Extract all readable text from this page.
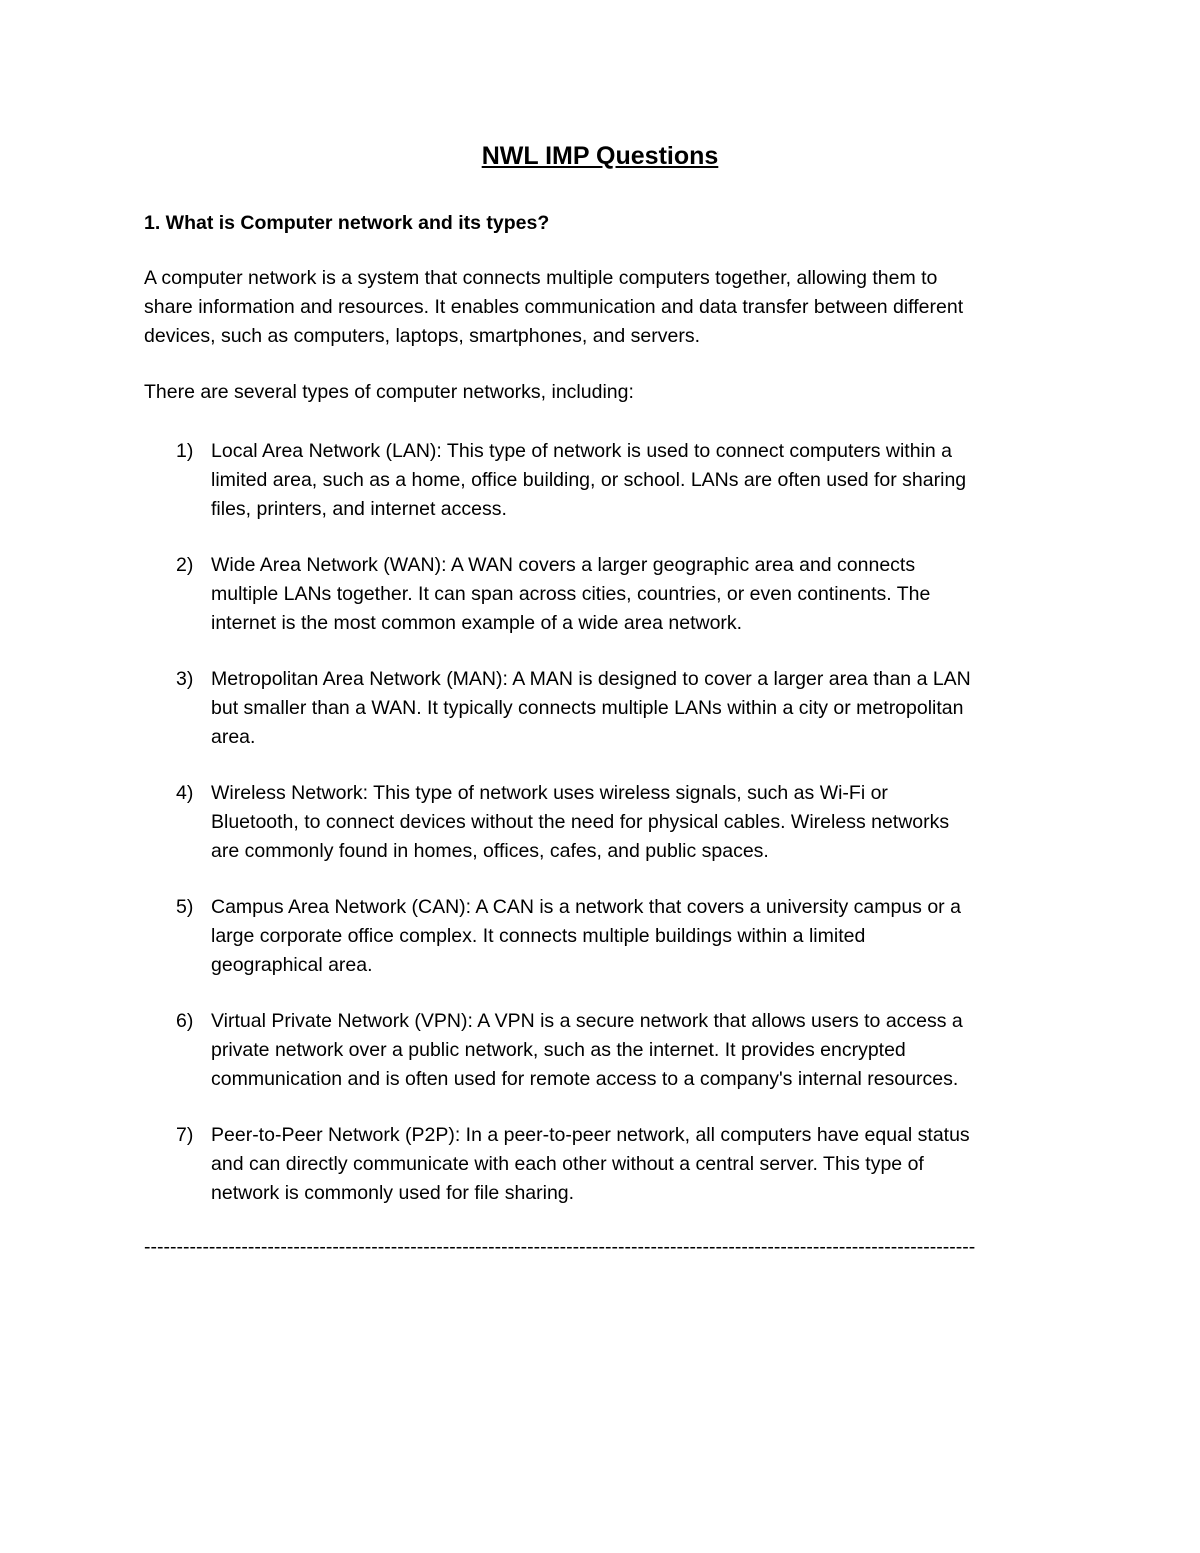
NWL IMP Questions
1. What is Computer network and its types?
A computer network is a system that connects multiple computers together, allowing them to
share information and resources. It enables communication and data transfer between different
devices, such as computers, laptops, smartphones, and servers.
There are several types of computer networks, including:
1) Local Area Network (LAN): This type of network is used to connect computers within a
limited area, such as a home, office building, or school. LANs are often used for sharing
files, printers, and internet access.
2) Wide Area Network (WAN): A WAN covers a larger geographic area and connects
multiple LANs together. It can span across cities, countries, or even continents. The
internet is the most common example of a wide area network.
3) Metropolitan Area Network (MAN): A MAN is designed to cover a larger area than a LAN
but smaller than a WAN. It typically connects multiple LANs within a city or metropolitan
area.
4) Wireless Network: This type of network uses wireless signals, such as Wi-Fi or
Bluetooth, to connect devices without the need for physical cables. Wireless networks
are commonly found in homes, offices, cafes, and public spaces.
5) Campus Area Network (CAN): A CAN is a network that covers a university campus or a
large corporate office complex. It connects multiple buildings within a limited
geographical area.
6) Virtual Private Network (VPN): A VPN is a secure network that allows users to access a
private network over a public network, such as the internet. It provides encrypted
communication and is often used for remote access to a company's internal resources.
7) Peer-to-Peer Network (P2P): In a peer-to-peer network, all computers have equal status
and can directly communicate with each other without a central server. This type of
network is commonly used for file sharing.
--------------------------------------------------------------------------------------------------------------------------------
